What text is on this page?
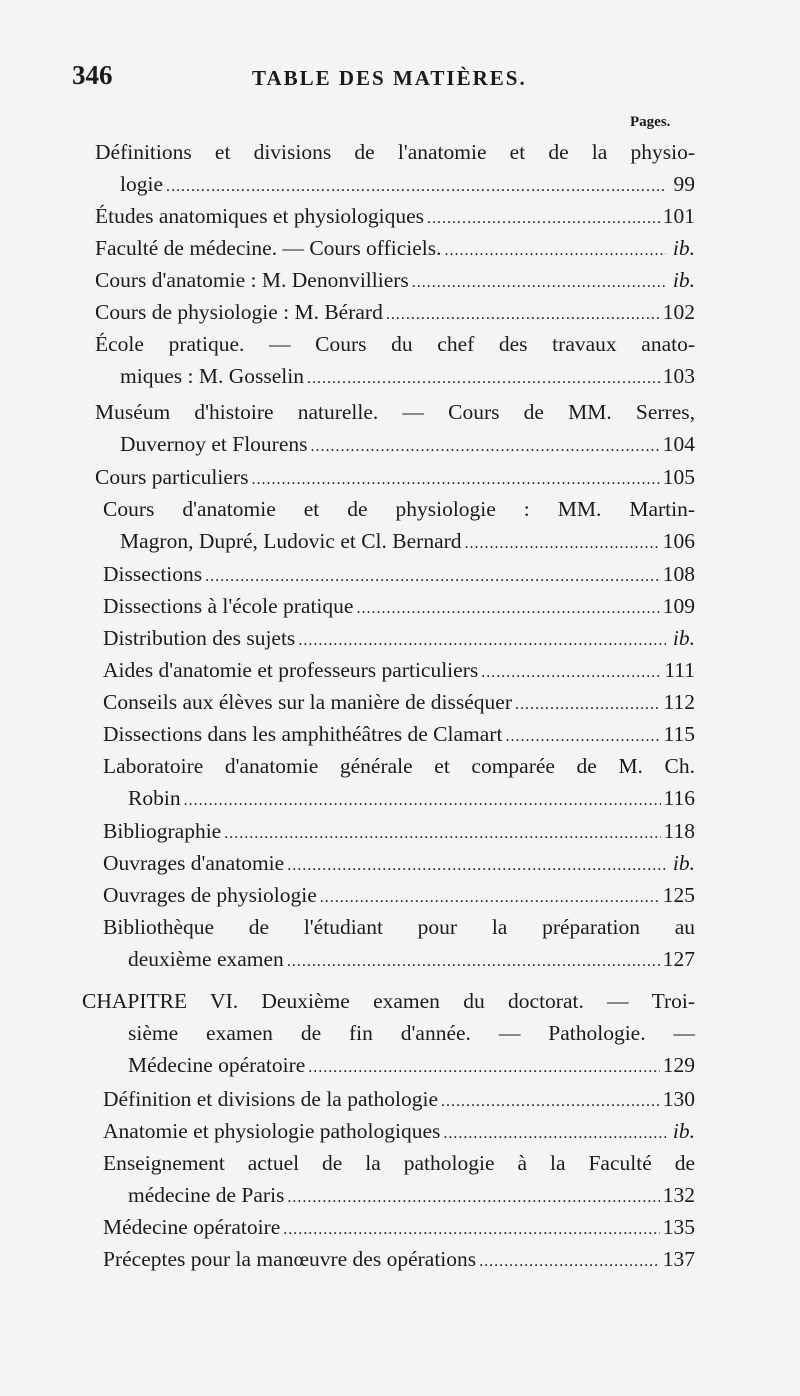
346	TABLE DES MATIÈRES.
Pages.
Définitions et divisions de l'anatomie et de la physio-
logie .....	99
Études anatomiques et physiologiques .....	101
Faculté de médecine. — Cours officiels. .....	ib.
Cours d'anatomie : M. Denonvilliers .....	ib.
Cours de physiologie : M. Bérard .....	102
École pratique. — Cours du chef des travaux anato-
miques : M. Gosselin .....	103
Muséum d'histoire naturelle. — Cours de MM. Serres,
Duvernoy et Flourens .....	104
Cours particuliers .....	105
Cours d'anatomie et de physiologie : MM. Martin-
Magron, Dupré, Ludovic et Cl. Bernard .....	106
Dissections .....	108
Dissections à l'école pratique .....	109
Distribution des sujets .....	ib.
Aides d'anatomie et professeurs particuliers .....	111
Conseils aux élèves sur la manière de disséquer .....	112
Dissections dans les amphithéâtres de Clamart .....	115
Laboratoire d'anatomie générale et comparée de M. Ch.
Robin .....	116
Bibliographie .....	118
Ouvrages d'anatomie .....	ib.
Ouvrages de physiologie .....	125
Bibliothèque de l'étudiant pour la préparation au
deuxième examen .....	127
CHAPITRE VI. Deuxième examen du doctorat. — Troi-
sième examen de fin d'année. — Pathologie. —
Médecine opératoire .....	129
Définition et divisions de la pathologie .....	130
Anatomie et physiologie pathologiques .....	ib.
Enseignement actuel de la pathologie à la Faculté de
médecine de Paris .....	132
Médecine opératoire .....	135
Préceptes pour la manœuvre des opérations .....	137
